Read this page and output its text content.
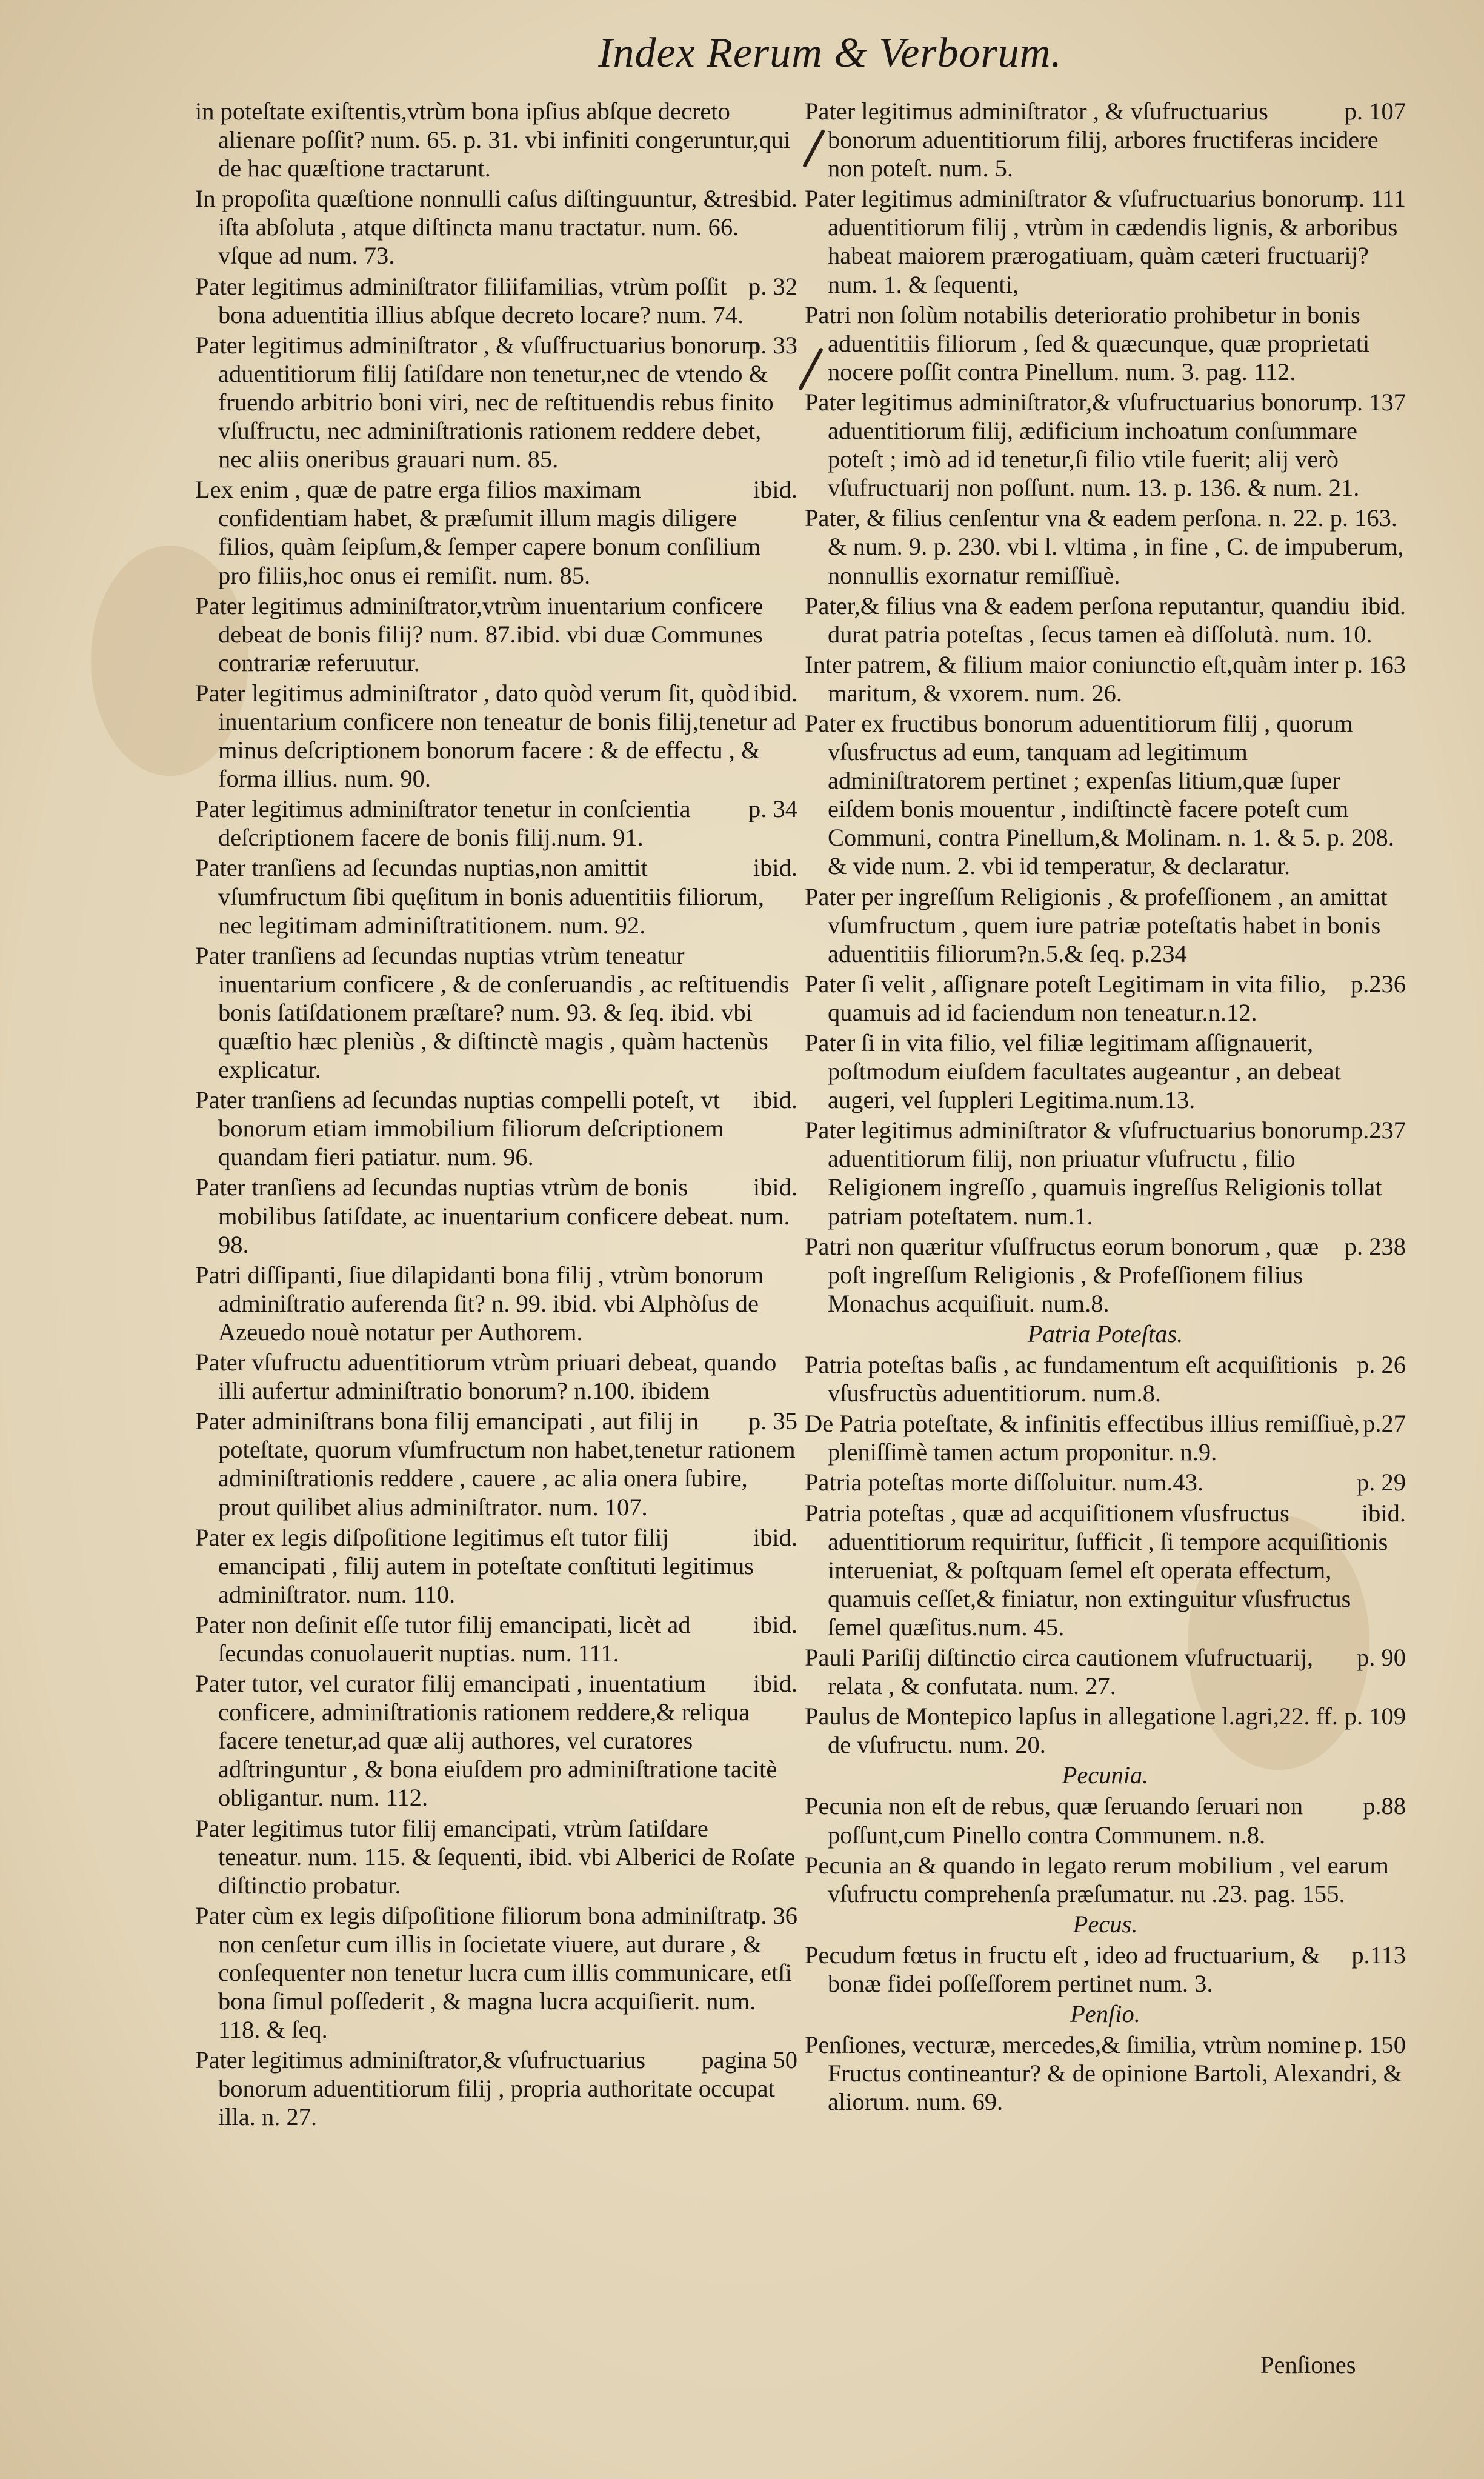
Index Rerum & Verborum.
in poteſtate exiſtentis,vtrùm bona ipſius abſque decreto alienare poſſit? num. 65. p. 31. vbi infiniti congeruntur,qui de hac quæſtione tractarunt.
ibid.
In propoſita quæſtione nonnulli caſus diſtinguuntur, &tres iſta abſoluta , atque diſtincta manu tractatur. num. 66. vſque ad num. 73.
p. 32
Pater legitimus adminiſtrator filiifamilias, vtrùm poſſit bona aduentitia illius abſque decreto locare? num. 74.
p. 33
Pater legitimus adminiſtrator , & vſuſfructuarius bonorum aduentitiorum filij ſatiſdare non tenetur,nec de vtendo & fruendo arbitrio boni viri, nec de reſtituendis rebus finito vſuſfructu, nec adminiſtrationis rationem reddere debet, nec aliis oneribus grauari num. 85.
ibid.
Lex enim , quæ de patre erga filios maximam confidentiam habet, & præſumit illum magis diligere filios, quàm ſeipſum,& ſemper capere bonum conſilium pro filiis,hoc onus ei remiſit. num. 85.
Pater legitimus adminiſtrator,vtrùm inuentarium conficere debeat de bonis filij? num. 87.ibid. vbi duæ Communes contrariæ referuutur.
ibid.
Pater legitimus adminiſtrator , dato quòd verum ſit, quòd inuentarium conficere non teneatur de bonis filij,tenetur ad minus deſcriptionem bonorum facere : & de effectu , & forma illius. num. 90.
p. 34
Pater legitimus adminiſtrator tenetur in conſcientia deſcriptionem facere de bonis filij.num. 91.
ibid.
Pater tranſiens ad ſecundas nuptias,non amittit vſumfructum ſibi quęſitum in bonis aduentitiis filiorum, nec legitimam adminiſtratitionem. num. 92.
Pater tranſiens ad ſecundas nuptias vtrùm teneatur inuentarium conficere , & de conſeruandis , ac reſtituendis bonis ſatiſdationem præſtare? num. 93. & ſeq. ibid. vbi quæſtio hæc pleniùs , & diſtinctè magis , quàm hactenùs explicatur.
ibid.
Pater tranſiens ad ſecundas nuptias compelli poteſt, vt bonorum etiam immobilium filiorum deſcriptionem quandam fieri patiatur. num. 96.
ibid.
Pater tranſiens ad ſecundas nuptias vtrùm de bonis mobilibus ſatiſdate, ac inuentarium conficere debeat. num. 98.
Patri diſſipanti, ſiue dilapidanti bona filij , vtrùm bonorum adminiſtratio auferenda ſit? n. 99. ibid. vbi Alphòſus de Azeuedo nouè notatur per Authorem.
Pater vſufructu aduentitiorum vtrùm priuari debeat, quando illi aufertur adminiſtratio bonorum? n.100. ibidem
p. 35
Pater adminiſtrans bona filij emancipati , aut filij in poteſtate, quorum vſumfructum non habet,tenetur rationem adminiſtrationis reddere , cauere , ac alia onera ſubire, prout quilibet alius adminiſtrator. num. 107.
ibid.
Pater ex legis diſpoſitione legitimus eſt tutor filij emancipati , filij autem in poteſtate conſtituti legitimus adminiſtrator. num. 110.
ibid.
Pater non deſinit eſſe tutor filij emancipati, licèt ad ſecundas conuolauerit nuptias. num. 111.
ibid.
Pater tutor, vel curator filij emancipati , inuentatium conficere, adminiſtrationis rationem reddere,& reliqua facere tenetur,ad quæ alij authores, vel curatores adſtringuntur , & bona eiuſdem pro adminiſtratione tacitè obligantur. num. 112.
Pater legitimus tutor filij emancipati, vtrùm ſatiſdare teneatur. num. 115. & ſequenti, ibid. vbi Alberici de Roſate diſtinctio probatur.
p. 36
Pater cùm ex legis diſpoſitione filiorum bona adminiſtrat, non cenſetur cum illis in ſocietate viuere, aut durare , & conſequenter non tenetur lucra cum illis communicare, etſi bona ſimul poſſederit , & magna lucra acquiſierit. num. 118. & ſeq.
pagina 50
Pater legitimus adminiſtrator,& vſufructuarius bonorum aduentitiorum filij , propria authoritate occupat illa. n. 27.
p. 107
Pater legitimus adminiſtrator , & vſufructuarius bonorum aduentitiorum filij, arbores fructiferas incidere non poteſt. num. 5.
p. 111
Pater legitimus adminiſtrator & vſufructuarius bonorum aduentitiorum filij , vtrùm in cædendis lignis, & arboribus habeat maiorem prærogatiuam, quàm cæteri fructuarij? num. 1. & ſequenti,
Patri non ſolùm notabilis deterioratio prohibetur in bonis aduentitiis filiorum , ſed & quæcunque, quæ proprietati nocere poſſit contra Pinellum. num. 3. pag. 112.
p. 137
Pater legitimus adminiſtrator,& vſufructuarius bonorum aduentitiorum filij, ædificium inchoatum conſummare poteſt ; imò ad id tenetur,ſi filio vtile fuerit; alij verò vſufructuarij non poſſunt. num. 13. p. 136. & num. 21.
Pater, & filius cenſentur vna & eadem perſona. n. 22. p. 163. & num. 9. p. 230. vbi l. vltima , in fine , C. de impuberum, nonnullis exornatur remiſſiuè.
ibid.
Pater,& filius vna & eadem perſona reputantur, quandiu durat patria poteſtas , ſecus tamen eà diſſolutà. num. 10.
p. 163
Inter patrem, & filium maior coniunctio eſt,quàm inter maritum, & vxorem. num. 26.
Pater ex fructibus bonorum aduentitiorum filij , quorum vſusfructus ad eum, tanquam ad legitimum adminiſtratorem pertinet ; expenſas litium,quæ ſuper eiſdem bonis mouentur , indiſtinctè facere poteſt cum Communi, contra Pinellum,& Molinam. n. 1. & 5. p. 208. & vide num. 2. vbi id temperatur, & declaratur.
Pater per ingreſſum Religionis , & profeſſionem , an amittat vſumfructum , quem iure patriæ poteſtatis habet in bonis aduentitiis filiorum?n.5.& ſeq. p.234
p.236
Pater ſi velit , aſſignare poteſt Legitimam in vita filio, quamuis ad id faciendum non teneatur.n.12.
Pater ſi in vita filio, vel filiæ legitimam aſſignauerit, poſtmodum eiuſdem facultates augeantur , an debeat augeri, vel ſuppleri Legitima.num.13.
p.237
Pater legitimus adminiſtrator & vſufructuarius bonorum aduentitiorum filij, non priuatur vſufructu , filio Religionem ingreſſo , quamuis ingreſſus Religionis tollat patriam poteſtatem. num.1.
p. 238
Patri non quæritur vſuſfructus eorum bonorum , quæ poſt ingreſſum Religionis , & Profeſſionem filius Monachus acquiſiuit. num.8.
Patria Poteſtas.
p. 26
Patria poteſtas baſis , ac fundamentum eſt acquiſitionis vſusfructùs aduentitiorum. num.8.
p.27
De Patria poteſtate, & infinitis effectibus illius remiſſiuè, pleniſſimè tamen actum proponitur. n.9.
p. 29
Patria poteſtas morte diſſoluitur. num.43.
ibid.
Patria poteſtas , quæ ad acquiſitionem vſusfructus aduentitiorum requiritur, ſufficit , ſi tempore acquiſitionis interueniat, & poſtquam ſemel eſt operata effectum, quamuis ceſſet,& finiatur, non extinguitur vſusfructus ſemel quæſitus.num. 45.
p. 90
Pauli Pariſij diſtinctio circa cautionem vſufructuarij, relata , & confutata. num. 27.
p. 109
Paulus de Montepico lapſus in allegatione l.agri,22. ff. de vſufructu. num. 20.
Pecunia.
p.88
Pecunia non eſt de rebus, quæ ſeruando ſeruari non poſſunt,cum Pinello contra Communem. n.8.
Pecunia an & quando in legato rerum mobilium , vel earum vſufructu comprehenſa præſumatur. nu .23. pag. 155.
Pecus.
p.113
Pecudum fœtus in fructu eſt , ideo ad fructuarium, & bonæ fidei poſſeſſorem pertinet num. 3.
Penſio.
p. 150
Penſiones, vecturæ, mercedes,& ſimilia, vtrùm nomine Fructus contineantur? & de opinione Bartoli, Alexandri, & aliorum. num. 69.
Penſiones
